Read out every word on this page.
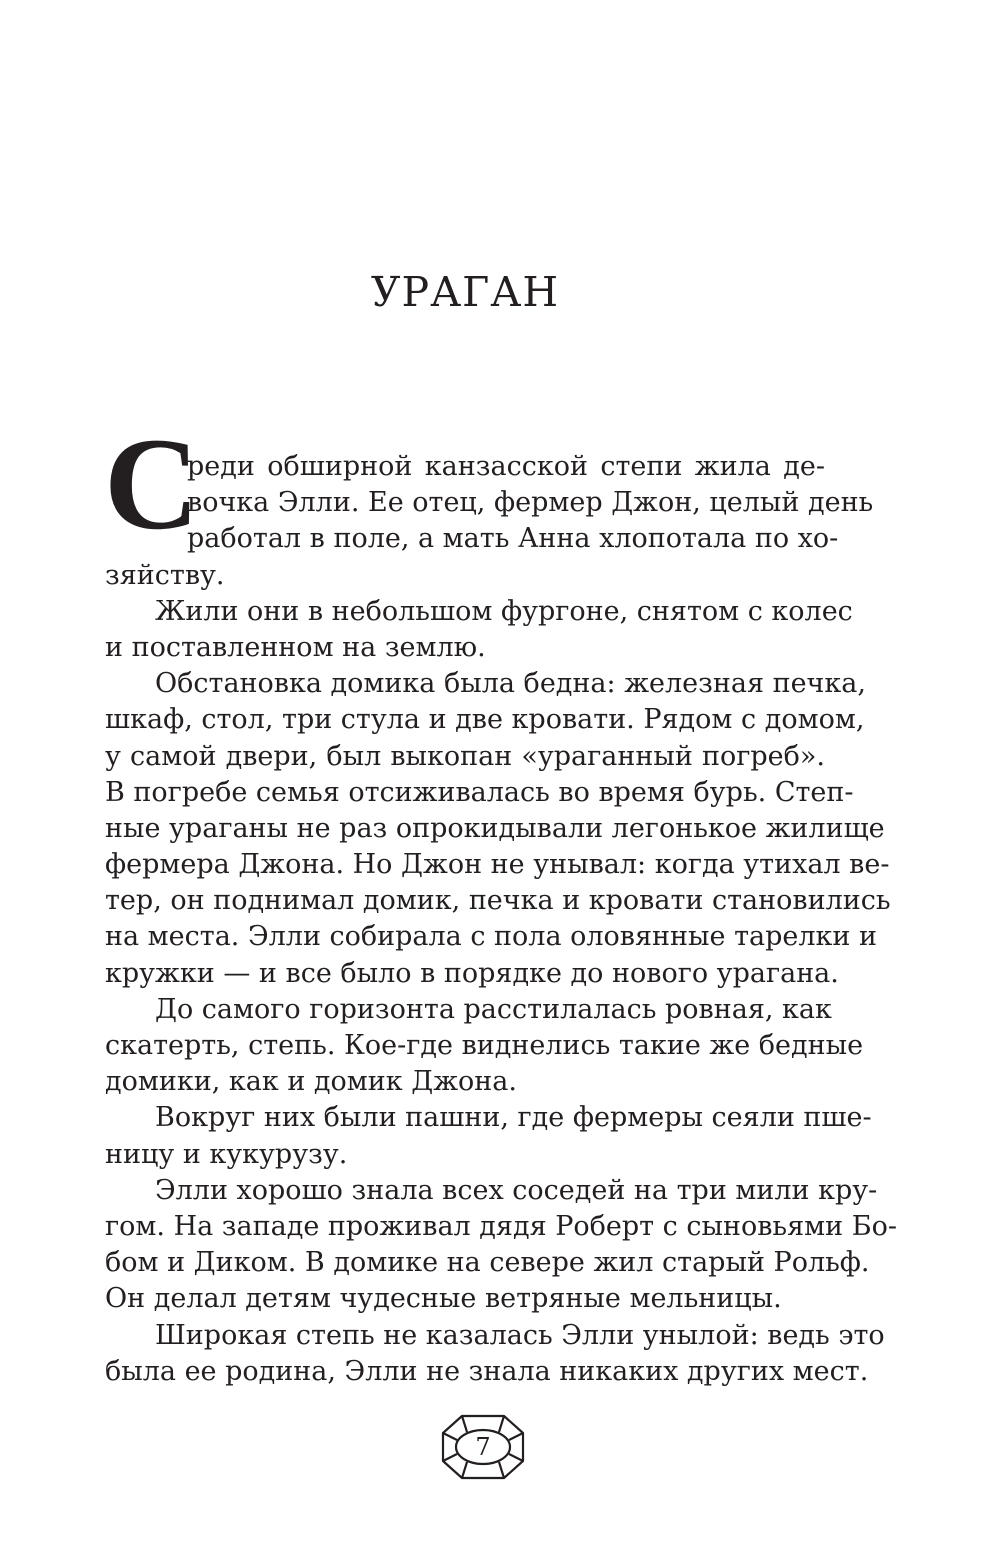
УРАГАН
С
реди обширной канзасской степи жила де-
вочка Элли. Ее отец, фермер Джон, целый день
работал в поле, а мать Анна хлопотала по хо-
зяйству.
Жили они в небольшом фургоне, снятом с колес
и поставленном на землю.
Обстановка домика была бедна: железная печка,
шкаф, стол, три стула и две кровати. Рядом с домом,
у самой двери, был выкопан «ураганный погреб».
В погребе семья отсиживалась во время бурь. Степ-
ные ураганы не раз опрокидывали легонькое жилище
фермера Джона. Но Джон не унывал: когда утихал ве-
тер, он поднимал домик, печка и кровати становились
на места. Элли собирала с пола оловянные тарелки и
кружки — и все было в порядке до нового урагана.
До самого горизонта расстилалась ровная, как
скатерть, степь. Кое-где виднелись такие же бедные
домики, как и домик Джона.
Вокруг них были пашни, где фермеры сеяли пше-
ницу и кукурузу.
Элли хорошо знала всех соседей на три мили кру-
гом. На западе проживал дядя Роберт с сыновьями Бо-
бом и Диком. В домике на севере жил старый Рольф.
Он делал детям чудесные ветряные мельницы.
Широкая степь не казалась Элли унылой: ведь это
была ее родина, Элли не знала никаких других мест.
7
